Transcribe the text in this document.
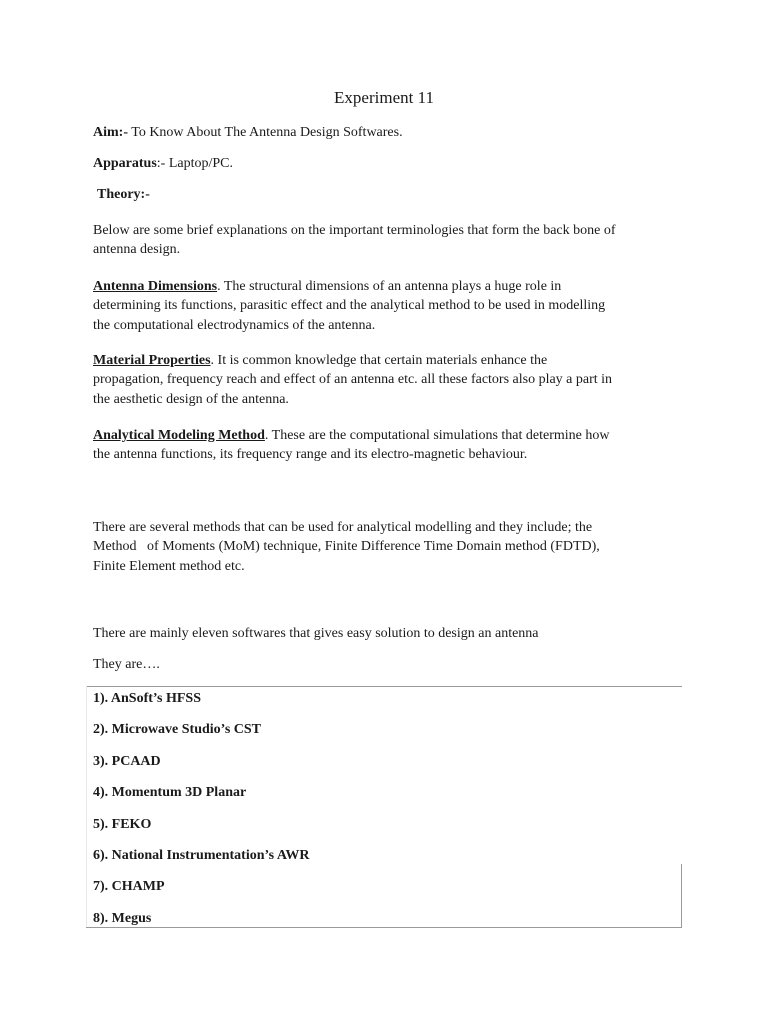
Experiment 11
Aim:- To Know About The Antenna Design Softwares.
Apparatus:- Laptop/PC.
Theory:-
Below are some brief explanations on the important terminologies that form the back bone of
antenna design.
Antenna Dimensions. The structural dimensions of an antenna plays a huge role in
determining its functions, parasitic effect and the analytical method to be used in modelling
the computational electrodynamics of the antenna.
Material Properties. It is common knowledge that certain materials enhance the
propagation, frequency reach and effect of an antenna etc. all these factors also play a part in
the aesthetic design of the antenna.
Analytical Modeling Method. These are the computational simulations that determine how
the antenna functions, its frequency range and its electro-magnetic behaviour.
There are several methods that can be used for analytical modelling and they include; the
Method   of Moments (MoM) technique, Finite Difference Time Domain method (FDTD),
Finite Element method etc.
There are mainly eleven softwares that gives easy solution to design an antenna
They are….
1). AnSoft’s HFSS
2). Microwave Studio’s CST
3). PCAAD
4). Momentum 3D Planar
5). FEKO
6). National Instrumentation’s AWR
7). CHAMP
8). Megus
